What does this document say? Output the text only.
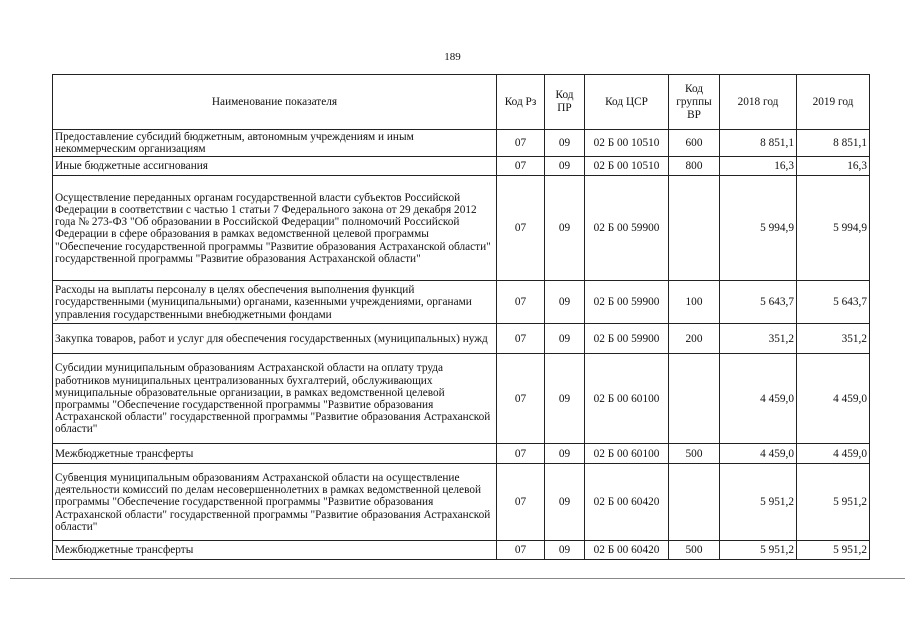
189
Наименование показателя	Код Рз	Код ПР	Код ЦСР	Код группы ВР	2018 год	2019 год
Предоставление субсидий бюджетным, автономным учреждениям и иным некоммерческим организациям	07	09	02 Б 00 10510	600	8 851,1	8 851,1
Иные бюджетные ассигнования	07	09	02 Б 00 10510	800	16,3	16,3
Осуществление переданных органам государственной власти субъектов Российской Федерации в соответствии с частью 1 статьи 7 Федерального закона от 29 декабря 2012 года № 273-ФЗ "Об образовании в Российской Федерации" полномочий Российской Федерации в сфере образования в рамках ведомственной целевой программы "Обеспечение государственной программы "Развитие образования Астраханской области" государственной программы "Развитие образования Астраханской области"	07	09	02 Б 00 59900		5 994,9	5 994,9
Расходы на выплаты персоналу в целях обеспечения выполнения функций государственными (муниципальными) органами, казенными учреждениями, органами управления государственными внебюджетными фондами	07	09	02 Б 00 59900	100	5 643,7	5 643,7
Закупка товаров, работ и услуг для обеспечения государственных (муниципальных) нужд	07	09	02 Б 00 59900	200	351,2	351,2
Субсидии муниципальным образованиям Астраханской области на оплату труда работников муниципальных централизованных бухгалтерий, обслуживающих муниципальные образовательные организации, в рамках ведомственной целевой программы "Обеспечение государственной программы "Развитие образования Астраханской области" государственной программы "Развитие образования Астраханской области"	07	09	02 Б 00 60100		4 459,0	4 459,0
Межбюджетные трансферты	07	09	02 Б 00 60100	500	4 459,0	4 459,0
Субвенция муниципальным образованиям Астраханской области на осуществление деятельности комиссий по делам несовершеннолетних в рамках ведомственной целевой программы "Обеспечение государственной программы "Развитие образования Астраханской области" государственной программы "Развитие образования Астраханской области"	07	09	02 Б 00 60420		5 951,2	5 951,2
Межбюджетные трансферты	07	09	02 Б 00 60420	500	5 951,2	5 951,2
